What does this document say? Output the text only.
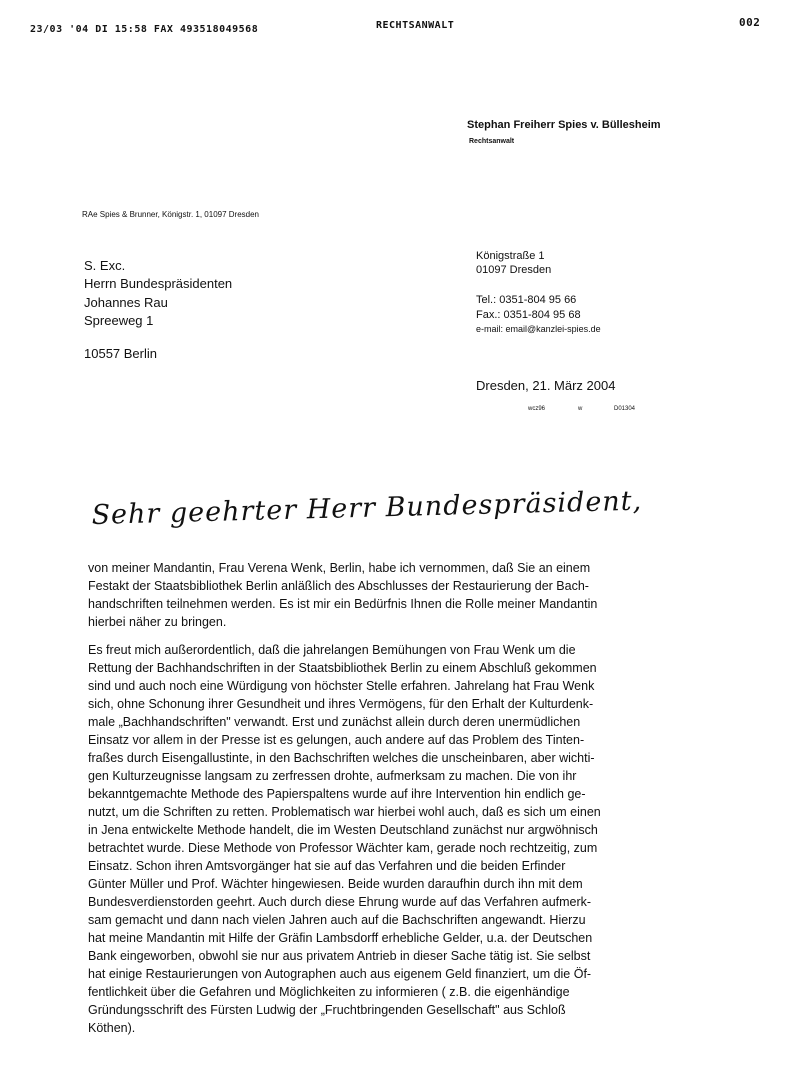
23/03 '04 DI 15:58 FAX 493518049568	RECHTSANWALT	002
Stephan Freiherr Spies v. Büllesheim
Rechtsanwalt
RAe Spies & Brunner, Königstr. 1, 01097 Dresden
S. Exc.
Herrn Bundespräsidenten
Johannes Rau
Spreeweg 1
10557 Berlin
Königstraße 1
01097 Dresden
Tel.: 0351-804 95 66
Fax.: 0351-804 95 68
e-mail: email@kanzlei-spies.de
Dresden, 21. März 2004
wcz96	w	D01304
Sehr geehrter Herr Bundespräsident,
von meiner Mandantin, Frau Verena Wenk, Berlin, habe ich vernommen, daß Sie an einem
Festakt der Staatsbibliothek Berlin anläßlich des Abschlusses der Restaurierung der Bach-
handschriften teilnehmen werden. Es ist mir ein Bedürfnis Ihnen die Rolle meiner Mandantin
hierbei näher zu bringen.
Es freut mich außerordentlich, daß die jahrelangen Bemühungen von Frau Wenk um die
Rettung der Bachhandschriften in der Staatsbibliothek Berlin zu einem Abschluß gekommen
sind und auch noch eine Würdigung von höchster Stelle erfahren. Jahrelang hat Frau Wenk
sich, ohne Schonung ihrer Gesundheit und ihres Vermögens, für den Erhalt der Kulturdenk-
male „Bachhandschriften" verwandt. Erst und zunächst allein durch deren unermüdlichen
Einsatz vor allem in der Presse ist es gelungen, auch andere auf das Problem des Tinten-
fraßes durch Eisengallustinte, in den Bachschriften welches die unscheinbaren, aber wichti-
gen Kulturzeugnisse langsam zu zerfressen drohte, aufmerksam zu machen. Die von ihr
bekanntgemachte Methode des Papierspaltens wurde auf ihre Intervention hin endlich ge-
nutzt, um die Schriften zu retten. Problematisch war hierbei wohl auch, daß es sich um einen
in Jena entwickelte Methode handelt, die im Westen Deutschland zunächst nur argwöhnisch
betrachtet wurde. Diese Methode von Professor Wächter kam, gerade noch rechtzeitig, zum
Einsatz. Schon ihren Amtsvorgänger hat sie auf das Verfahren und die beiden Erfinder
Günter Müller und Prof. Wächter hingewiesen. Beide wurden daraufhin durch ihn mit dem
Bundesverdienstorden geehrt. Auch durch diese Ehrung wurde auf das Verfahren aufmerk-
sam gemacht und dann nach vielen Jahren auch auf die Bachschriften angewandt. Hierzu
hat meine Mandantin mit Hilfe der Gräfin Lambsdorff erhebliche Gelder, u.a. der Deutschen
Bank eingeworben, obwohl sie nur aus privatem Antrieb in dieser Sache tätig ist. Sie selbst
hat einige Restaurierungen von Autographen auch aus eigenem Geld finanziert, um die Öf-
fentlichkeit über die Gefahren und Möglichkeiten zu informieren ( z.B. die eigenhändige
Gründungsschrift des Fürsten Ludwig der „Fruchtbringenden Gesellschaft" aus Schloß
Köthen).
